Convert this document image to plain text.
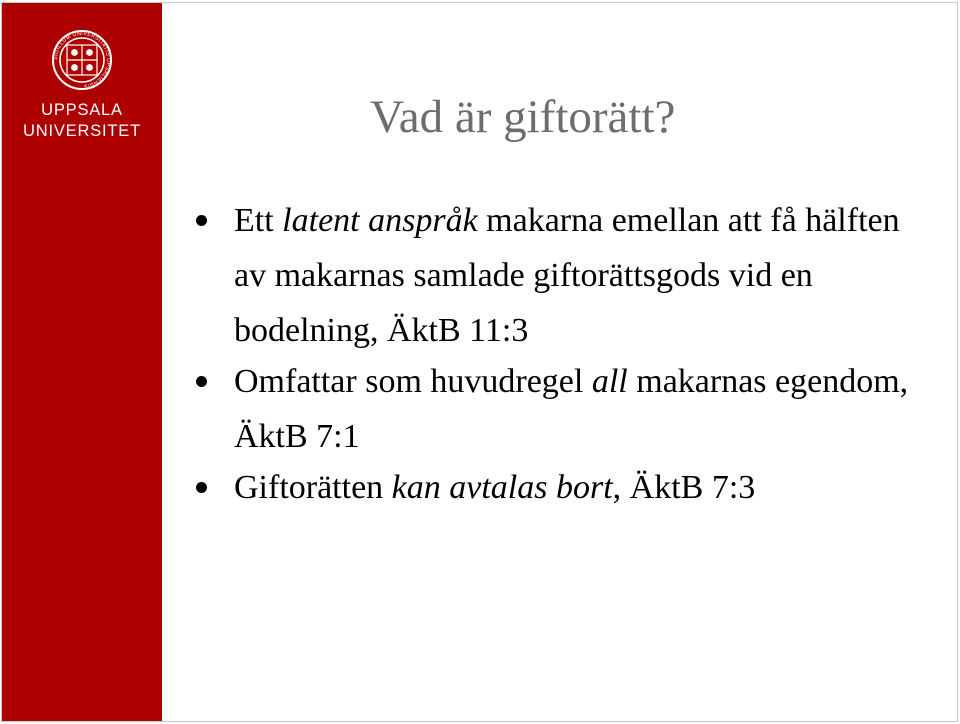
SIGILLUM UNIVERSITATIS UPSALIENSIS
UPPSALA
UNIVERSITET	Vad är giftorätt?
Ett latent anspråk makarna emellan att få hälften av makarnas samlade giftorättsgods vid en bodelning, ÄktB 11:3
Omfattar som huvudregel all makarnas egendom, ÄktB 7:1
Giftorätten kan avtalas bort, ÄktB 7:3
